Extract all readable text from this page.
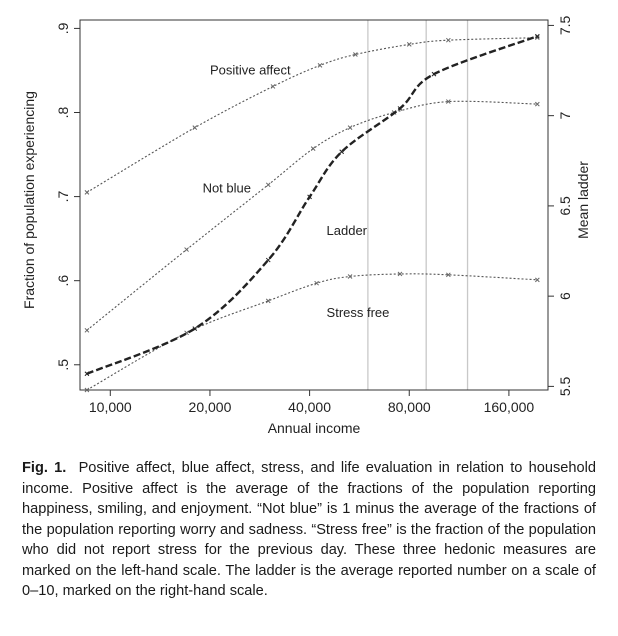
10,000	20,000	40,000	80,000	160,000
.5
.6
.7
.8
.9
5.5
6
6.5
7
7.5
Positive affect
Not blue
Stress free
Ladder
Annual income
Fraction of population experiencing	Mean ladder
Fig. 1. Positive affect, blue affect, stress, and life evaluation in relation to household income. Positive affect is the average of the fractions of the population reporting happiness, smiling, and enjoyment. “Not blue” is 1 minus the average of the fractions of the population reporting worry and sadness. “Stress free” is the fraction of the population who did not report stress for the previous day. These three hedonic measures are marked on the left-hand scale. The ladder is the average reported number on a scale of 0–10, marked on the right-hand scale.
